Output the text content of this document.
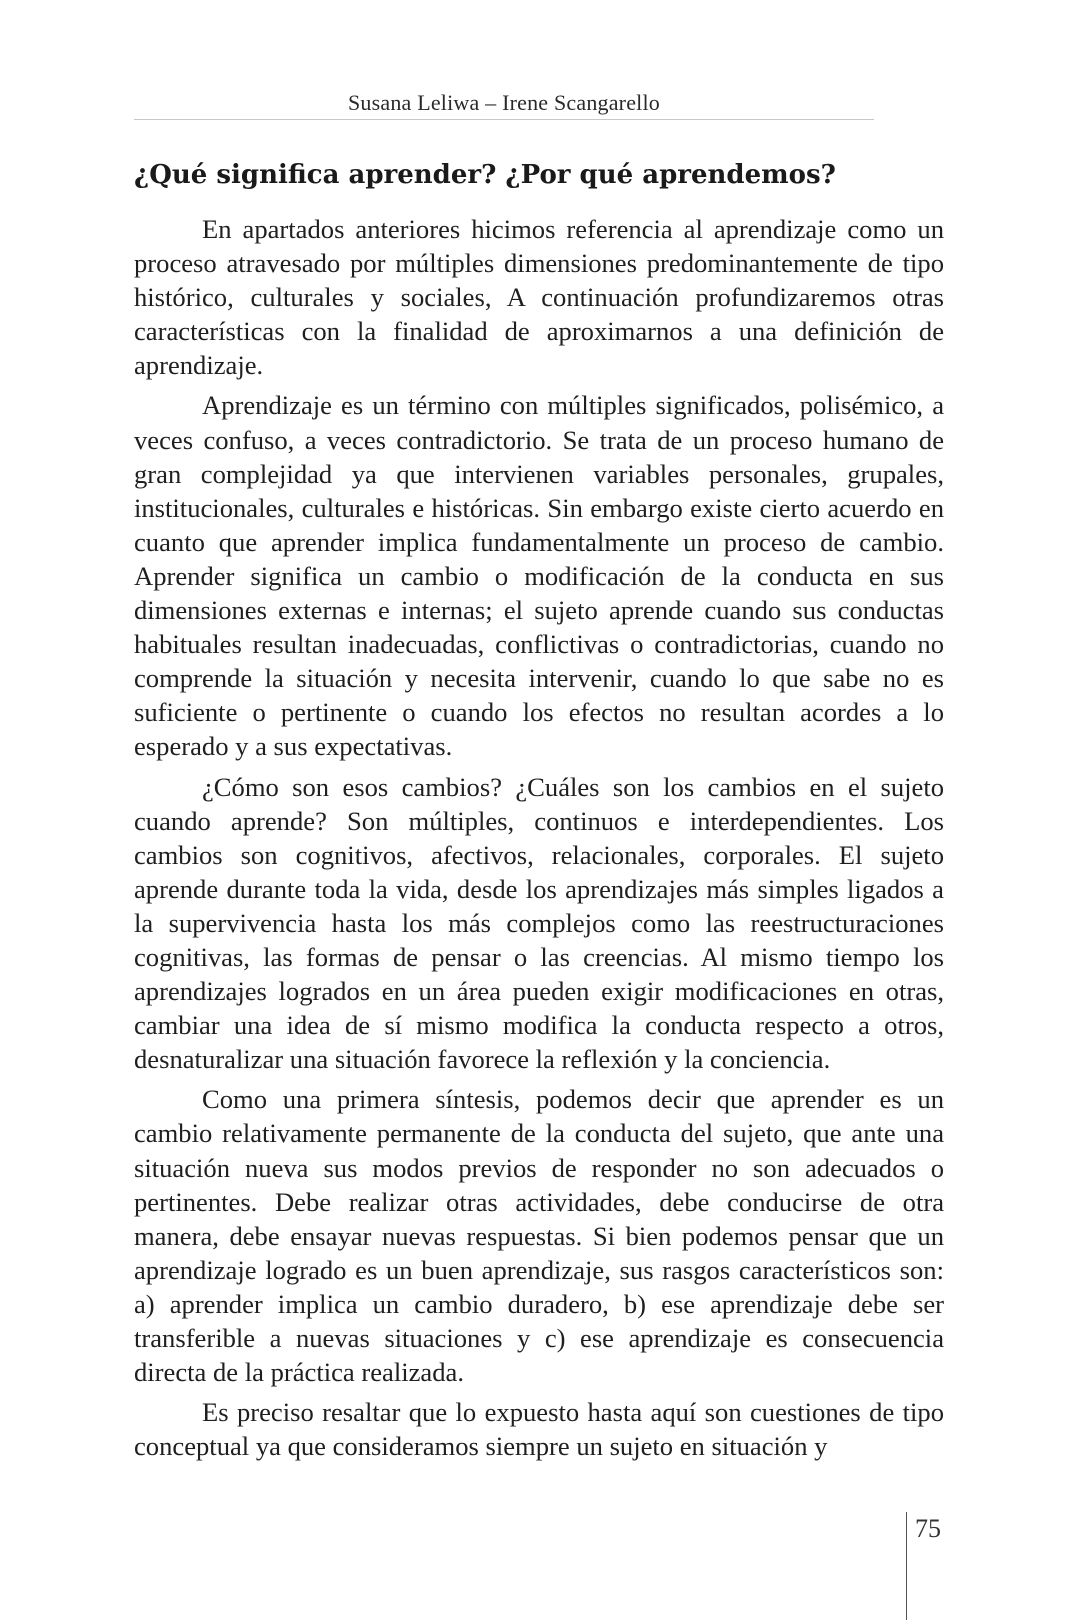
Susana Leliwa – Irene Scangarello
¿Qué significa aprender? ¿Por qué aprendemos?

En apartados anteriores hicimos referencia al aprendizaje como un proceso atravesado por múltiples dimensiones predominantemente de tipo histórico, culturales y sociales, A continuación profundizaremos otras características con la finalidad de aproximarnos a una definición de aprendizaje.

Aprendizaje es un término con múltiples significados, polisémico, a veces confuso, a veces contradictorio. Se trata de un proceso humano de gran complejidad ya que intervienen variables personales, grupales, institucionales, culturales e históricas. Sin embargo existe cierto acuerdo en cuanto que aprender implica fundamentalmente un proceso de cambio. Aprender significa un cambio o modificación de la conducta en sus dimensiones externas e internas; el sujeto aprende cuando sus conductas habituales resultan inadecuadas, conflictivas o contradictorias, cuando no comprende la situación y necesita intervenir, cuando lo que sabe no es suficiente o pertinente o cuando los efectos no resultan acordes a lo esperado y a sus expectativas.

¿Cómo son esos cambios? ¿Cuáles son los cambios en el sujeto cuando aprende? Son múltiples, continuos e interdependientes. Los cambios son cognitivos, afectivos, relacionales, corporales. El sujeto aprende durante toda la vida, desde los aprendizajes más simples ligados a la supervivencia hasta los más complejos como las reestructuraciones cognitivas, las formas de pensar o las creencias. Al mismo tiempo los aprendizajes logrados en un área pueden exigir modificaciones en otras, cambiar una idea de sí mismo modifica la conducta respecto a otros, desnaturalizar una situación favorece la reflexión y la conciencia.

Como una primera síntesis, podemos decir que aprender es un cambio relativamente permanente de la conducta del sujeto, que ante una situación nueva sus modos previos de responder no son adecuados o pertinentes. Debe realizar otras actividades, debe conducirse de otra manera, debe ensayar nuevas respuestas. Si bien podemos pensar que un aprendizaje logrado es un buen aprendizaje, sus rasgos característicos son: a) aprender implica un cambio duradero, b) ese aprendizaje debe ser transferible a nuevas situaciones y c) ese aprendizaje es consecuencia directa de la práctica realizada.

Es preciso resaltar que lo expuesto hasta aquí son cuestiones de tipo conceptual ya que consideramos siempre un sujeto en situación y

75
